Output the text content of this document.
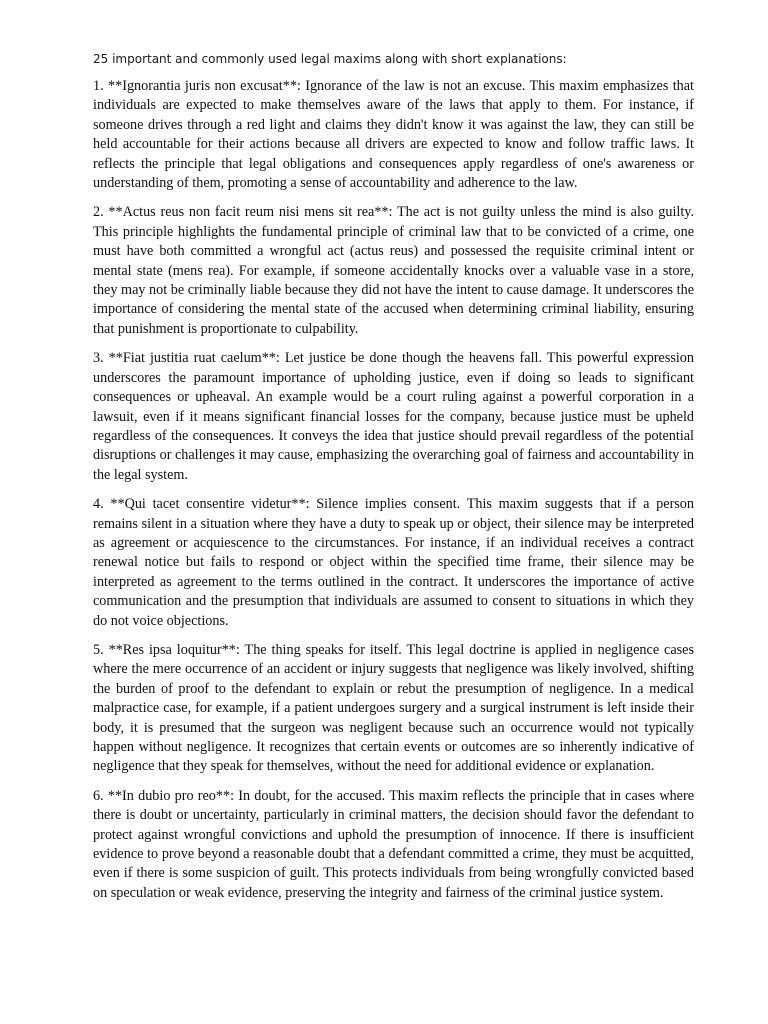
25 important and commonly used legal maxims along with short explanations:

1. **Ignorantia juris non excusat**: Ignorance of the law is not an excuse. This maxim emphasizes that individuals are expected to make themselves aware of the laws that apply to them. For instance, if someone drives through a red light and claims they didn't know it was against the law, they can still be held accountable for their actions because all drivers are expected to know and follow traffic laws. It reflects the principle that legal obligations and consequences apply regardless of one's awareness or understanding of them, promoting a sense of accountability and adherence to the law.

2. **Actus reus non facit reum nisi mens sit rea**: The act is not guilty unless the mind is also guilty. This principle highlights the fundamental principle of criminal law that to be convicted of a crime, one must have both committed a wrongful act (actus reus) and possessed the requisite criminal intent or mental state (mens rea). For example, if someone accidentally knocks over a valuable vase in a store, they may not be criminally liable because they did not have the intent to cause damage. It underscores the importance of considering the mental state of the accused when determining criminal liability, ensuring that punishment is proportionate to culpability.

3. **Fiat justitia ruat caelum**: Let justice be done though the heavens fall. This powerful expression underscores the paramount importance of upholding justice, even if doing so leads to significant consequences or upheaval. An example would be a court ruling against a powerful corporation in a lawsuit, even if it means significant financial losses for the company, because justice must be upheld regardless of the consequences. It conveys the idea that justice should prevail regardless of the potential disruptions or challenges it may cause, emphasizing the overarching goal of fairness and accountability in the legal system.

4. **Qui tacet consentire videtur**: Silence implies consent. This maxim suggests that if a person remains silent in a situation where they have a duty to speak up or object, their silence may be interpreted as agreement or acquiescence to the circumstances. For instance, if an individual receives a contract renewal notice but fails to respond or object within the specified time frame, their silence may be interpreted as agreement to the terms outlined in the contract. It underscores the importance of active communication and the presumption that individuals are assumed to consent to situations in which they do not voice objections.

5. **Res ipsa loquitur**: The thing speaks for itself. This legal doctrine is applied in negligence cases where the mere occurrence of an accident or injury suggests that negligence was likely involved, shifting the burden of proof to the defendant to explain or rebut the presumption of negligence. In a medical malpractice case, for example, if a patient undergoes surgery and a surgical instrument is left inside their body, it is presumed that the surgeon was negligent because such an occurrence would not typically happen without negligence. It recognizes that certain events or outcomes are so inherently indicative of negligence that they speak for themselves, without the need for additional evidence or explanation.

6. **In dubio pro reo**: In doubt, for the accused. This maxim reflects the principle that in cases where there is doubt or uncertainty, particularly in criminal matters, the decision should favor the defendant to protect against wrongful convictions and uphold the presumption of innocence. If there is insufficient evidence to prove beyond a reasonable doubt that a defendant committed a crime, they must be acquitted, even if there is some suspicion of guilt. This protects individuals from being wrongfully convicted based on speculation or weak evidence, preserving the integrity and fairness of the criminal justice system.
